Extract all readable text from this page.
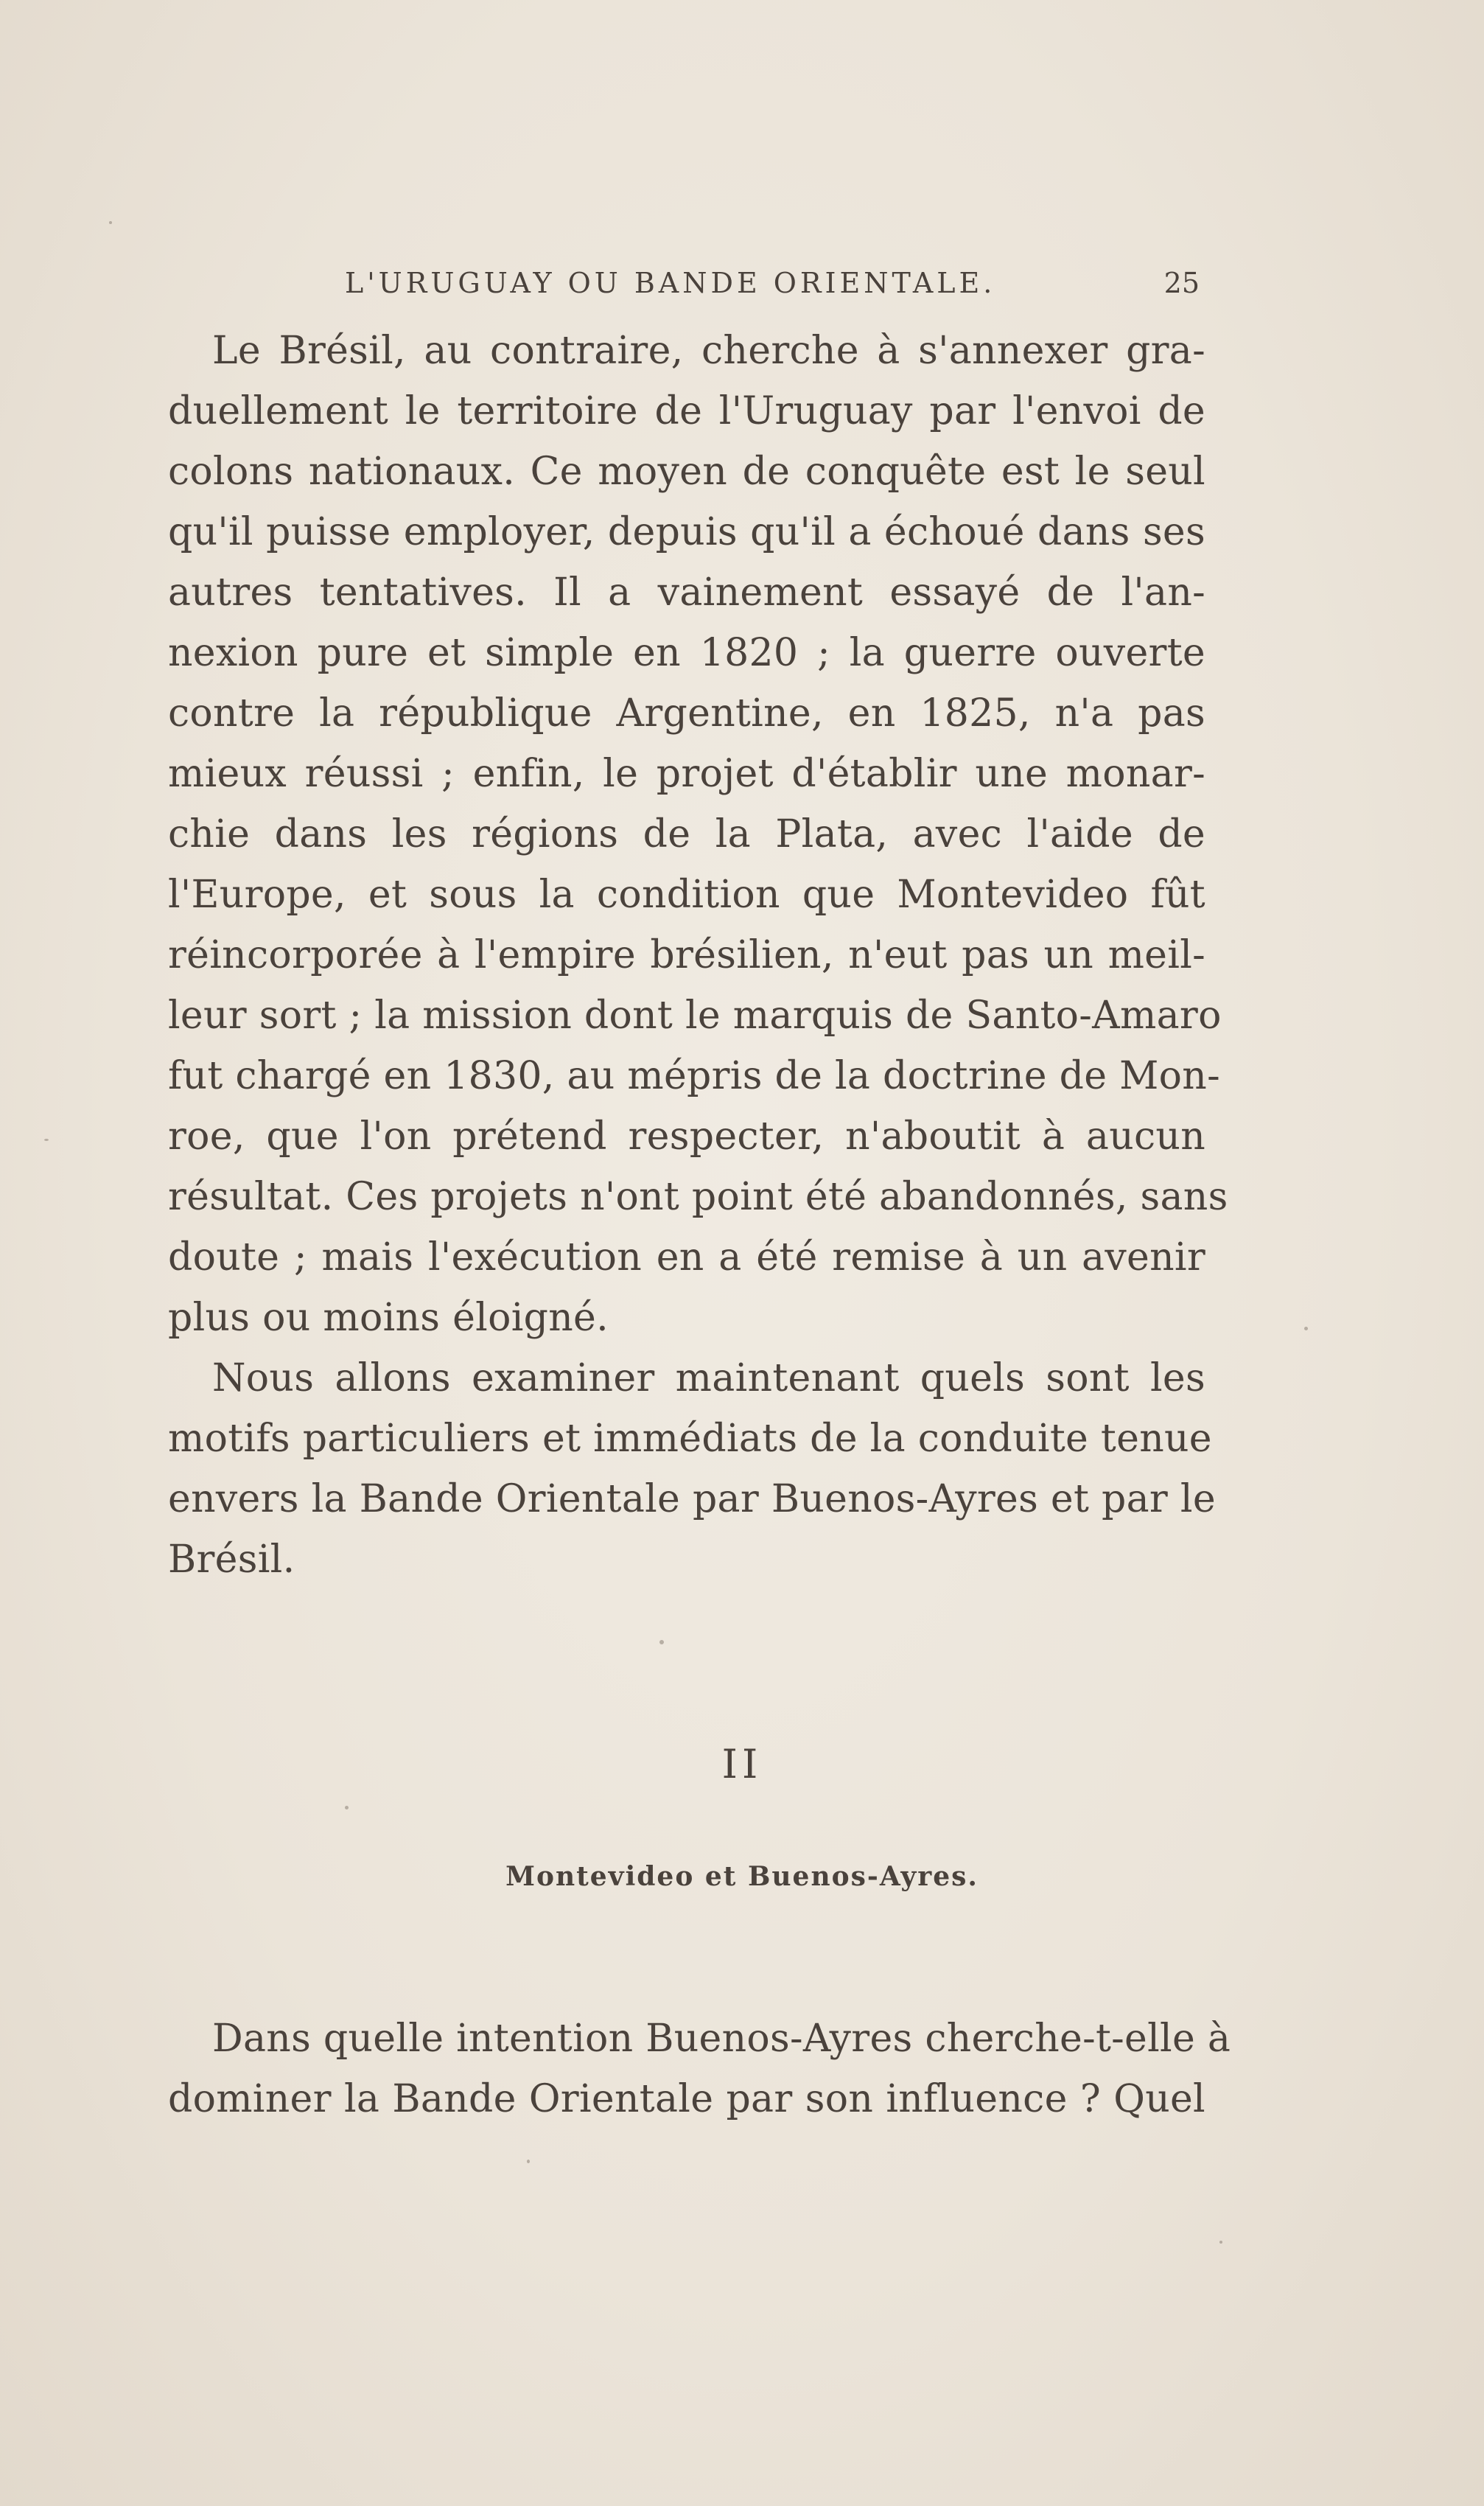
L'URUGUAY OU BANDE ORIENTALE.	25
Le Brésil, au contraire, cherche à s'annexer gra-
duellement le territoire de l'Uruguay par l'envoi de
colons nationaux. Ce moyen de conquête est le seul
qu'il puisse employer, depuis qu'il a échoué dans ses
autres tentatives. Il a vainement essayé de l'an-
nexion pure et simple en 1820 ; la guerre ouverte
contre la république Argentine, en 1825, n'a pas
mieux réussi ; enfin, le projet d'établir une monar-
chie dans les régions de la Plata, avec l'aide de
l'Europe, et sous la condition que Montevideo fût
réincorporée à l'empire brésilien, n'eut pas un meil-
leur sort ; la mission dont le marquis de Santo-Amaro
fut chargé en 1830, au mépris de la doctrine de Mon-
roe, que l'on prétend respecter, n'aboutit à aucun
résultat. Ces projets n'ont point été abandonnés, sans
doute ; mais l'exécution en a été remise à un avenir
plus ou moins éloigné.
Nous allons examiner maintenant quels sont les
motifs particuliers et immédiats de la conduite tenue
envers la Bande Orientale par Buenos-Ayres et par le
Brésil.
II
Montevideo et Buenos-Ayres.
Dans quelle intention Buenos-Ayres cherche-t-elle à
dominer la Bande Orientale par son influence ? Quel
